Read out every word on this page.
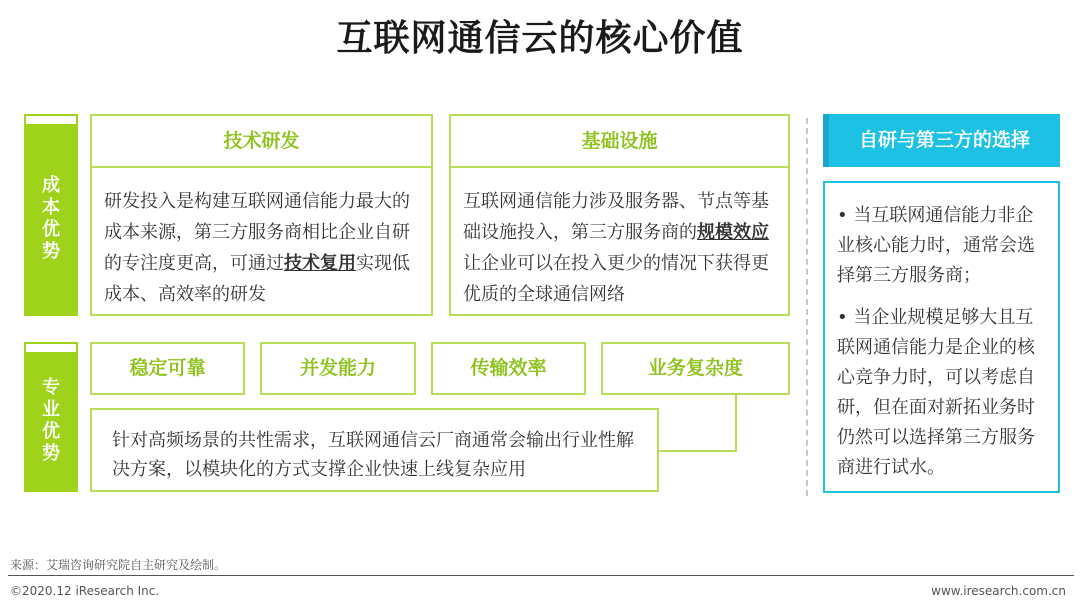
互联网通信云的核心价值
成
本
优
势
技术研发
研发投入是构建互联网通信能力最大的成本来源，第三方服务商相比企业自研的专注度更高，可通过技术复用实现低成本、高效率的研发
基础设施
互联网通信能力涉及服务器、节点等基础设施投入，第三方服务商的规模效应让企业可以在投入更少的情况下获得更优质的全球通信网络
专
业
优
势
稳定可靠	并发能力	传输效率	业务复杂度
针对高频场景的共性需求，互联网通信云厂商通常会输出行业性解决方案，以模块化的方式支撑企业快速上线复杂应用
自研与第三方的选择

• 当互联网通信能力非企业核心能力时，通常会选择第三方服务商；

• 当企业规模足够大且互联网通信能力是企业的核心竞争力时，可以考虑自研，但在面对新拓业务时仍然可以选择第三方服务商进行试水。

来源：艾瑞咨询研究院自主研究及绘制。
©2020.12 iResearch Inc.	www.iresearch.com.cn
